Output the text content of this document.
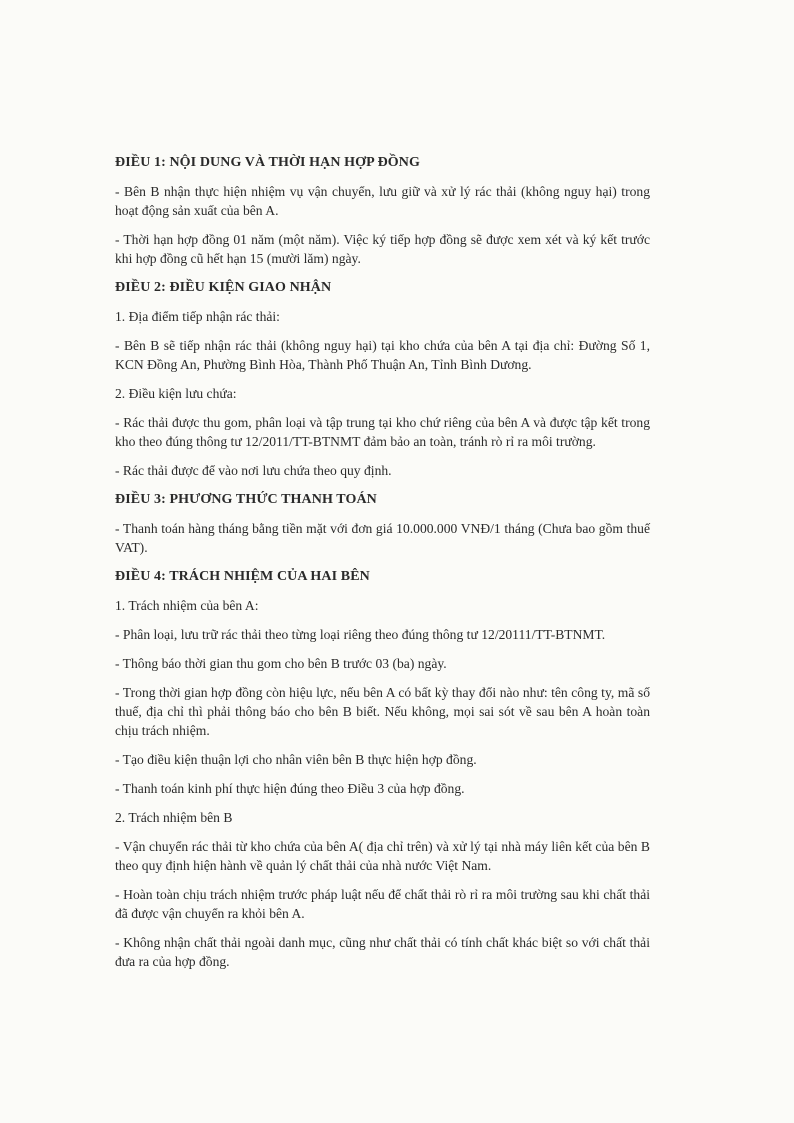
ĐIỀU 1: NỘI DUNG VÀ THỜI HẠN HỢP ĐỒNG
- Bên B nhận thực hiện nhiệm vụ vận chuyển, lưu giữ và xử lý rác thải (không nguy hại) trong hoạt động sản xuất của bên A.
- Thời hạn hợp đồng 01 năm (một năm). Việc ký tiếp hợp đồng sẽ được xem xét và ký kết trước khi hợp đồng cũ hết hạn 15 (mười lăm) ngày.
ĐIỀU 2: ĐIỀU KIỆN GIAO NHẬN
1. Địa điểm tiếp nhận rác thải:
- Bên B sẽ tiếp nhận rác thải (không nguy hại) tại kho chứa của bên A tại địa chỉ: Đường Số 1, KCN Đồng An, Phường Bình Hòa, Thành Phố Thuận An, Tỉnh Bình Dương.
2. Điều kiện lưu chứa:
- Rác thải được thu gom, phân loại và tập trung tại kho chứ riêng của bên A và được tập kết trong kho theo đúng thông tư 12/2011/TT-BTNMT đảm bảo an toàn, tránh rò rỉ ra môi trường.
- Rác thải được để vào nơi lưu chứa theo quy định.
ĐIỀU 3: PHƯƠNG THỨC THANH TOÁN
- Thanh toán hàng tháng bằng tiền mặt với đơn giá 10.000.000 VNĐ/1 tháng (Chưa bao gồm thuế VAT).
ĐIỀU 4: TRÁCH NHIỆM CỦA HAI BÊN
1. Trách nhiệm của bên A:
- Phân loại, lưu trữ rác thải theo từng loại riêng theo đúng thông tư 12/20111/TT-BTNMT.
- Thông báo thời gian thu gom cho bên B trước 03 (ba) ngày.
- Trong thời gian hợp đồng còn hiệu lực, nếu bên A có bất kỳ thay đổi nào như: tên công ty, mã số thuế, địa chỉ thì phải thông báo cho bên B biết. Nếu không, mọi sai sót về sau bên A hoàn toàn chịu trách nhiệm.
- Tạo điều kiện thuận lợi cho nhân viên bên B thực hiện hợp đồng.
- Thanh toán kinh phí thực hiện đúng theo Điều 3 của hợp đồng.
2. Trách nhiệm bên B
- Vận chuyển rác thải từ kho chứa của bên A( địa chỉ trên) và xử lý tại nhà máy liên kết của bên B theo quy định hiện hành về quản lý chất thải của nhà nước Việt Nam.
- Hoàn toàn chịu trách nhiệm trước pháp luật nếu để chất thải rò rỉ ra môi trường sau khi chất thải đã được vận chuyển ra khỏi bên A.
- Không nhận chất thải ngoài danh mục, cũng như chất thải có tính chất khác biệt so với chất thải đưa ra của hợp đồng.
